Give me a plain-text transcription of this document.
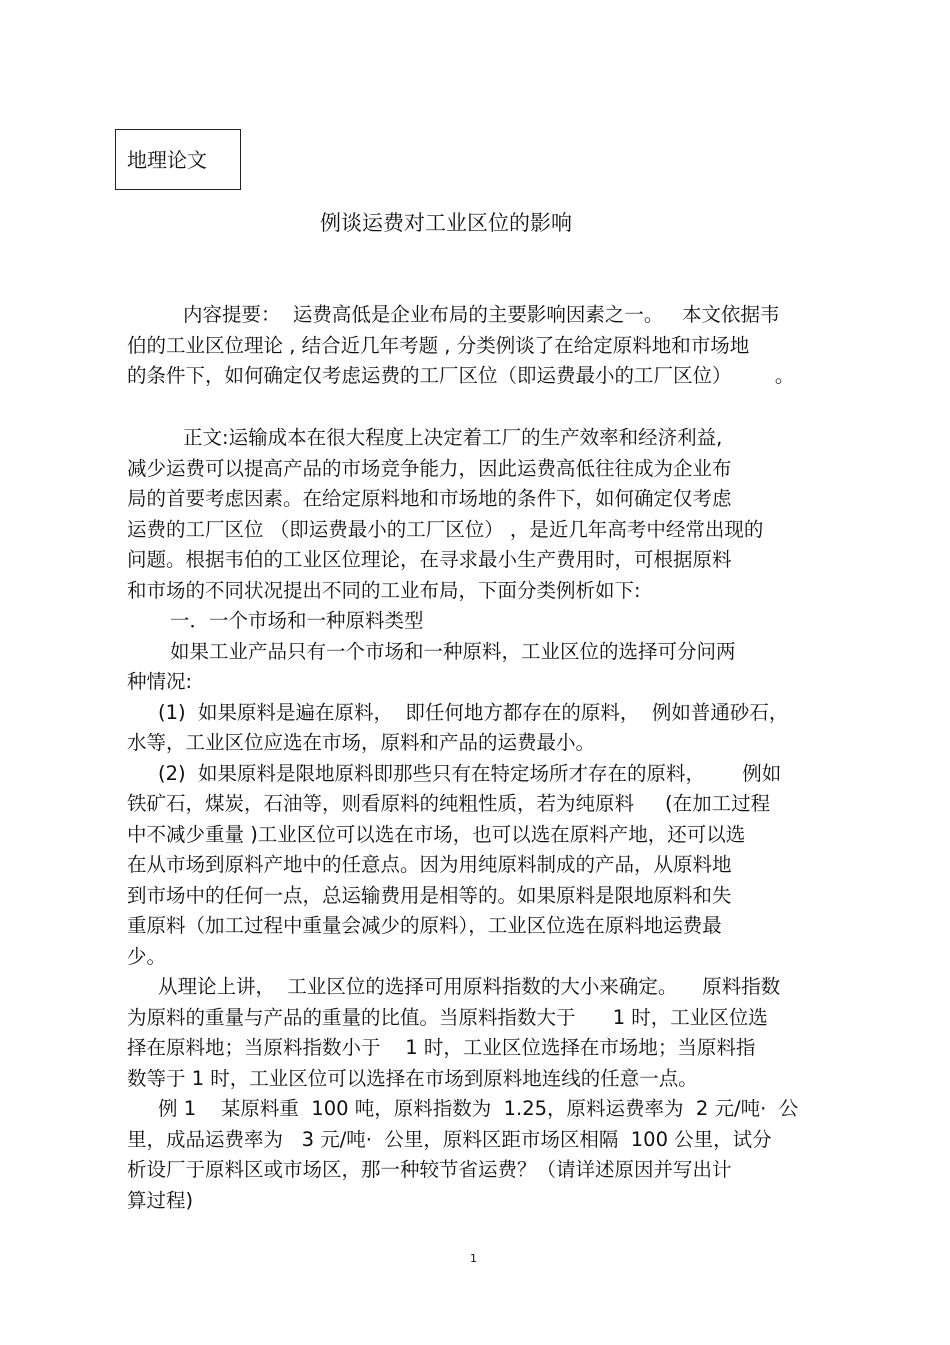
地理论文
例谈运费对工业区位的影响
内容提要：  运费高低是企业布局的主要影响因素之一。   本文依据韦
伯的工业区位理论 , 结合近几年考题 , 分类例谈了在给定原料地和市场地
的条件下，如何确定仅考虑运费的工厂区位（即运费最小的工厂区位）       。
正文:运输成本在很大程度上决定着工厂的生产效率和经济利益,
减少运费可以提高产品的市场竞争能力，因此运费高低往往成为企业布
局的首要考虑因素。在给定原料地和市场地的条件下，如何确定仅考虑
运费的工厂区位 （即运费最小的工厂区位） ，是近几年高考中经常出现的
问题。根据韦伯的工业区位理论，在寻求最小生产费用时，可根据原料
和市场的不同状况提出不同的工业布局，下面分类例析如下:
一．一个市场和一种原料类型
如果工业产品只有一个市场和一种原料，工业区位的选择可分问两
种情况:
(1)  如果原料是遍在原料，  即任何地方都存在的原料，  例如普通砂石，
水等，工业区位应选在市场，原料和产品的运费最小。
(2)  如果原料是限地原料即那些只有在特定场所才存在的原料，      例如
铁矿石，煤炭，石油等，则看原料的纯粗性质，若为纯原料     (在加工过程
中不减少重量 )工业区位可以选在市场，也可以选在原料产地，还可以选
在从市场到原料产地中的任意点。因为用纯原料制成的产品，从原料地
到市场中的任何一点，总运输费用是相等的。如果原料是限地原料和失
重原料（加工过程中重量会减少的原料），工业区位选在原料地运费最
少。
从理论上讲，  工业区位的选择可用原料指数的大小来确定。    原料指数
为原料的重量与产品的重量的比值。当原料指数大于      1 时，工业区位选
择在原料地；当原料指数小于    1 时，工业区位选择在市场地；当原料指
数等于 1 时，工业区位可以选择在市场到原料地连线的任意一点。
例 1    某原料重  100 吨，原料指数为  1.25，原料运费率为  2 元/吨·  公
里，成品运费率为   3 元/吨·  公里，原料区距市场区相隔  100 公里，试分
析设厂于原料区或市场区，那一种较节省运费？（请详述原因并写出计
算过程)
1
